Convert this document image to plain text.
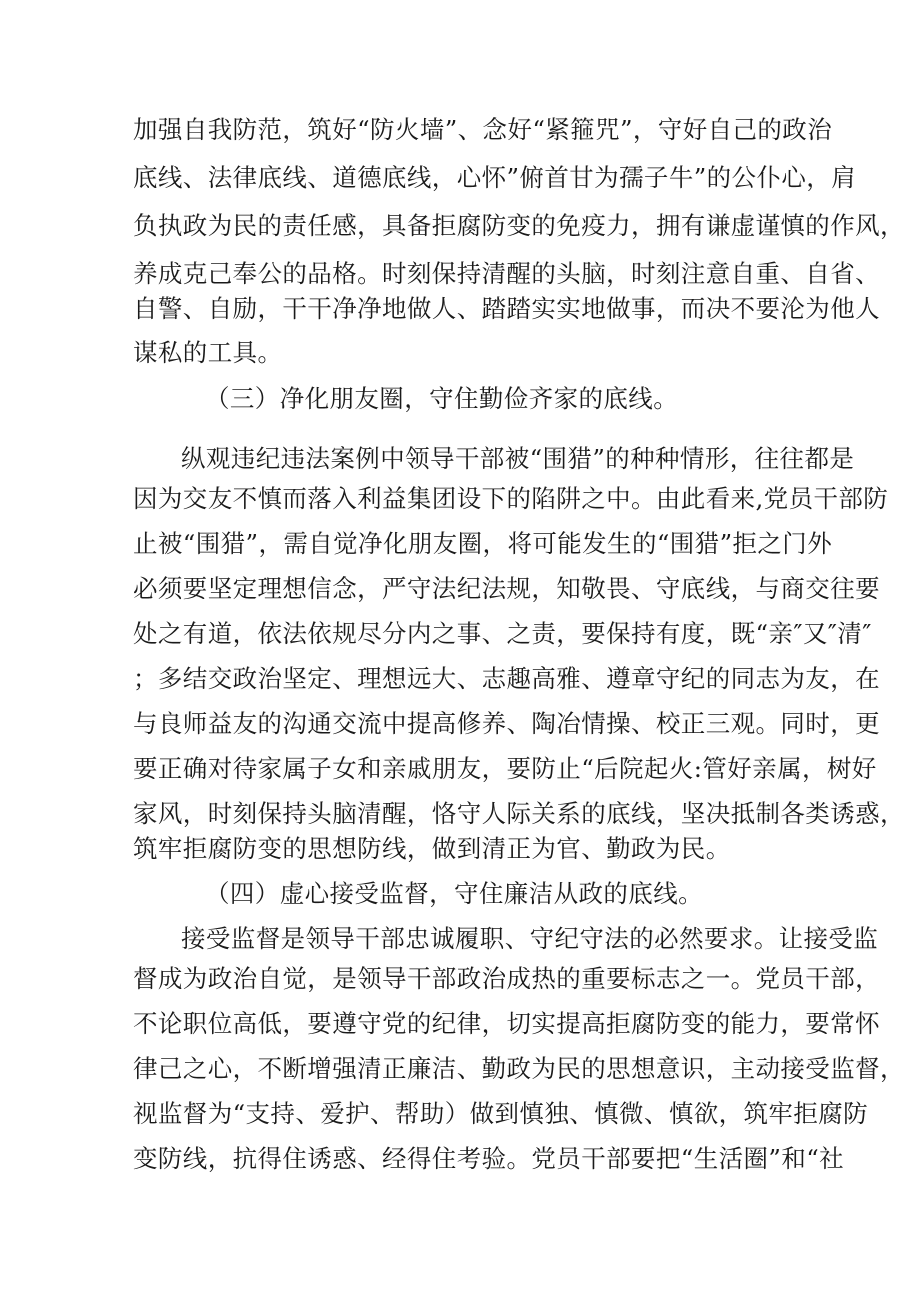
加强自我防范，筑好“防火墙”、念好“紧箍咒”，守好自己的政治
底线、法律底线、道德底线，心怀”俯首甘为孺子牛”的公仆心，肩
负执政为民的责任感，具备拒腐防变的免疫力，拥有谦虚谨慎的作风，
养成克己奉公的品格。时刻保持清醒的头脑，时刻注意自重、自省、
自警、自励，干干净净地做人、踏踏实实地做事，而决不要沦为他人
谋私的工具。
（三）净化朋友圈，守住勤俭齐家的底线。
纵观违纪违法案例中领导干部被“围猎”的种种情形，往往都是
因为交友不慎而落入利益集团设下的陷阱之中。由此看来,党员干部防
止被“围猎”，需自觉净化朋友圈，将可能发生的“围猎”拒之门外
必须要坚定理想信念，严守法纪法规，知敬畏、守底线，与商交往要
处之有道，依法依规尽分内之事、之责，要保持有度，既“亲″又″清″
；多结交政治坚定、理想远大、志趣高雅、遵章守纪的同志为友，在
与良师益友的沟通交流中提高修养、陶冶情操、校正三观。同时，更
要正确对待家属子女和亲戚朋友，要防止“后院起火:管好亲属，树好
家风，时刻保持头脑清醒，恪守人际关系的底线，坚决抵制各类诱惑，
筑牢拒腐防变的思想防线，做到清正为官、勤政为民。
（四）虚心接受监督，守住廉洁从政的底线。
接受监督是领导干部忠诚履职、守纪守法的必然要求。让接受监
督成为政治自觉，是领导干部政治成热的重要标志之一。党员干部，
不论职位高低，要遵守党的纪律，切实提高拒腐防变的能力，要常怀
律己之心，不断增强清正廉洁、勤政为民的思想意识，主动接受监督，
视监督为“支持、爱护、帮助）做到慎独、慎微、慎欲，筑牢拒腐防
变防线，抗得住诱惑、经得住考验。党员干部要把“生活圈”和“社
